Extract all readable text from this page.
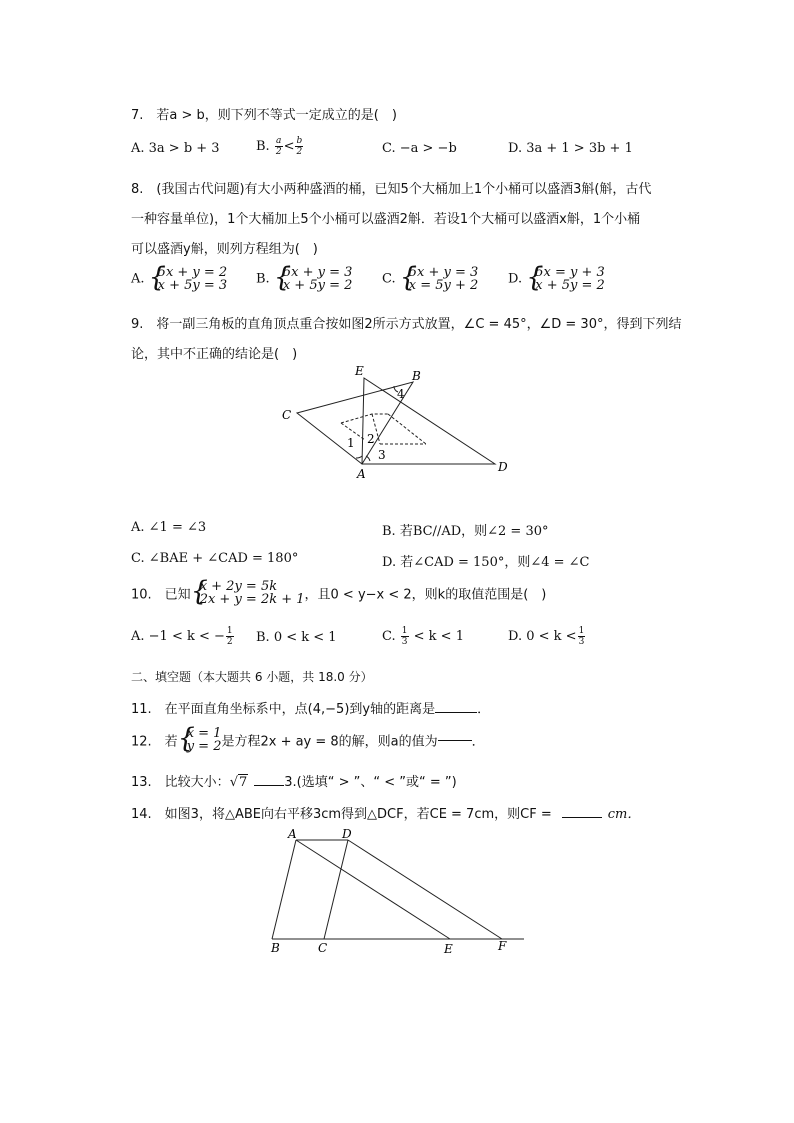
7.　若a > b，则下列不等式一定成立的是(　)
A. 3a > b + 3	B. $\frac{a}{2} < \frac{b}{2}$	C. −a > −b	D. 3a + 1 > 3b + 1
8.　(我国古代问题)有大小两种盛酒的桶，已知5个大桶加上1个小桶可以盛酒3斛(斛，古代
一种容量单位)，1个大桶加上5个小桶可以盛酒2斛．若设1个大桶可以盛酒x斛，1个小桶
可以盛酒y斛，则列方程组为(　)
A. { 5x + y = 2
x + 5y = 3 B. { 5x + y = 3
x + 5y = 2 C. { 5x + y = 3
x = 5y + 2 D. { 5x = y + 3
x + 5y = 2
9.　将一副三角板的直角顶点重合按如图2所示方式放置，∠C = 45°，∠D = 30°，得到下列结
论，其中不正确的结论是(　)
E	B
C
A	D
1 2
3
4
A. ∠1 = ∠3	B. 若BC//AD，则∠2 = 30°
C. ∠BAE + ∠CAD = 180°	D. 若∠CAD = 150°，则∠4 = ∠C
10.　已知
{ x + 2y = 5k
2x + y = 2k + 1 ，且0 < y−x < 2，则k的取值范围是(　)
A. −1 < k < − $\frac{1}{2} B$. 0 < k < 1	C. $\frac{1}{3} < k < 1$	D. $0 < k < \frac{1}{3}$
二、填空题（本大题共 6 小题，共 18.0 分）
11.　在平面直角坐标系中，点(4,−5)到y轴的距离是	．
12.　若
{ x = 1
y = 2 是方程2x + ay = 8的解，则a的值为	．
13.　比较大小：√7	3.(选填“ > ”、“ < ”或“ = ”)
14.　如图3，将△ABE向右平移3cm得到△DCF，若CE = 7cm，则CF =	cm．
A	D
B	C	E	F
